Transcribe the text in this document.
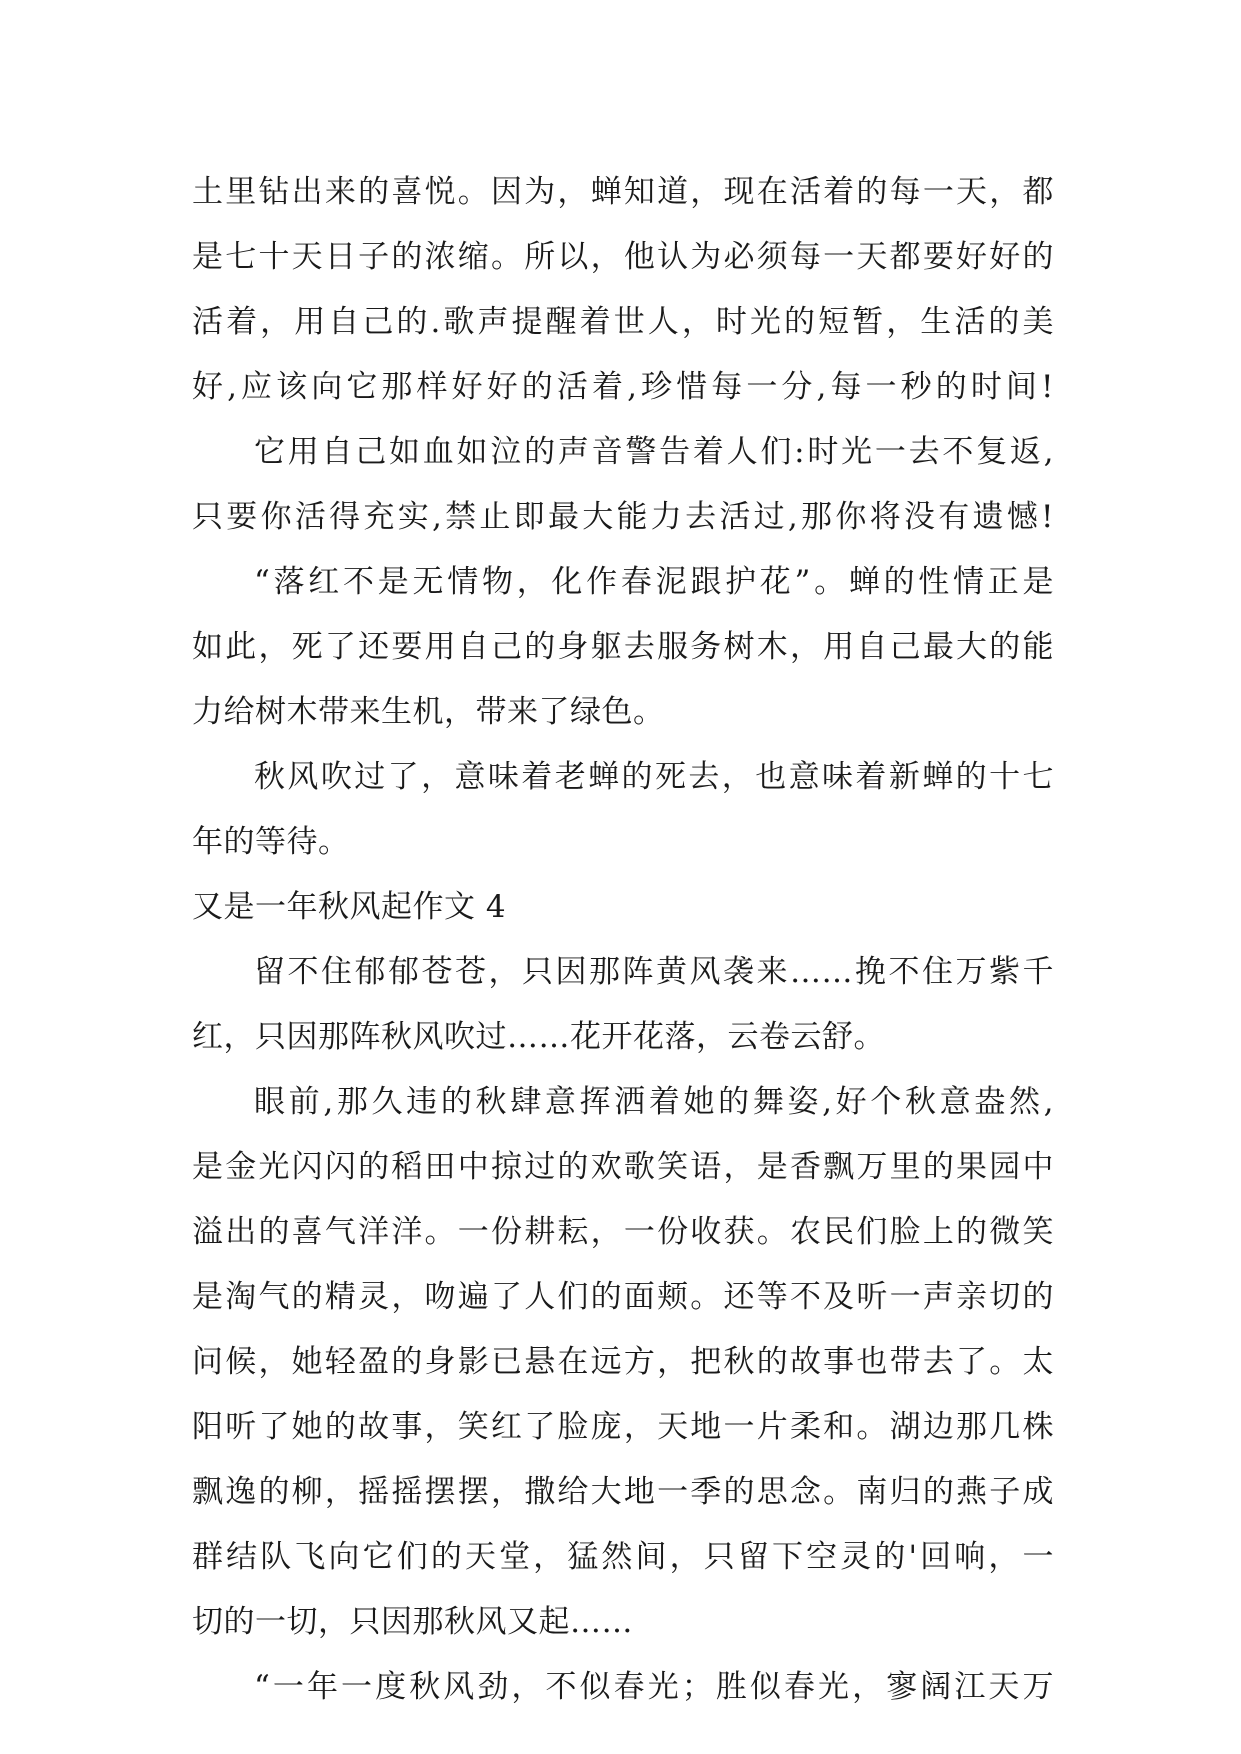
土里钻出来的喜悦。因为，蝉知道，现在活着的每一天，都
是七十天日子的浓缩。所以，他认为必须每一天都要好好的
活着，用自己的.歌声提醒着世人，时光的短暂，生活的美
好,应该向它那样好好的活着,珍惜每一分,每一秒的时间!
它用自己如血如泣的声音警告着人们:时光一去不复返,
只要你活得充实,禁止即最大能力去活过,那你将没有遗憾!
“落红不是无情物，化作春泥跟护花”。蝉的性情正是
如此，死了还要用自己的身躯去服务树木，用自己最大的能
力给树木带来生机，带来了绿色。
秋风吹过了，意味着老蝉的死去，也意味着新蝉的十七
年的等待。
又是一年秋风起作文 4
留不住郁郁苍苍，只因那阵黄风袭来……挽不住万紫千
红，只因那阵秋风吹过……花开花落，云卷云舒。
眼前,那久违的秋肆意挥洒着她的舞姿,好个秋意盎然,
是金光闪闪的稻田中掠过的欢歌笑语，是香飘万里的果园中
溢出的喜气洋洋。一份耕耘，一份收获。农民们脸上的微笑
是淘气的精灵，吻遍了人们的面颊。还等不及听一声亲切的
问候，她轻盈的身影已悬在远方，把秋的故事也带去了。太
阳听了她的故事，笑红了脸庞，天地一片柔和。湖边那几株
飘逸的柳，摇摇摆摆，撒给大地一季的思念。南归的燕子成
群结队飞向它们的天堂，猛然间，只留下空灵的'回响，一
切的一切，只因那秋风又起……
“一年一度秋风劲，不似春光；胜似春光，寥阔江天万
